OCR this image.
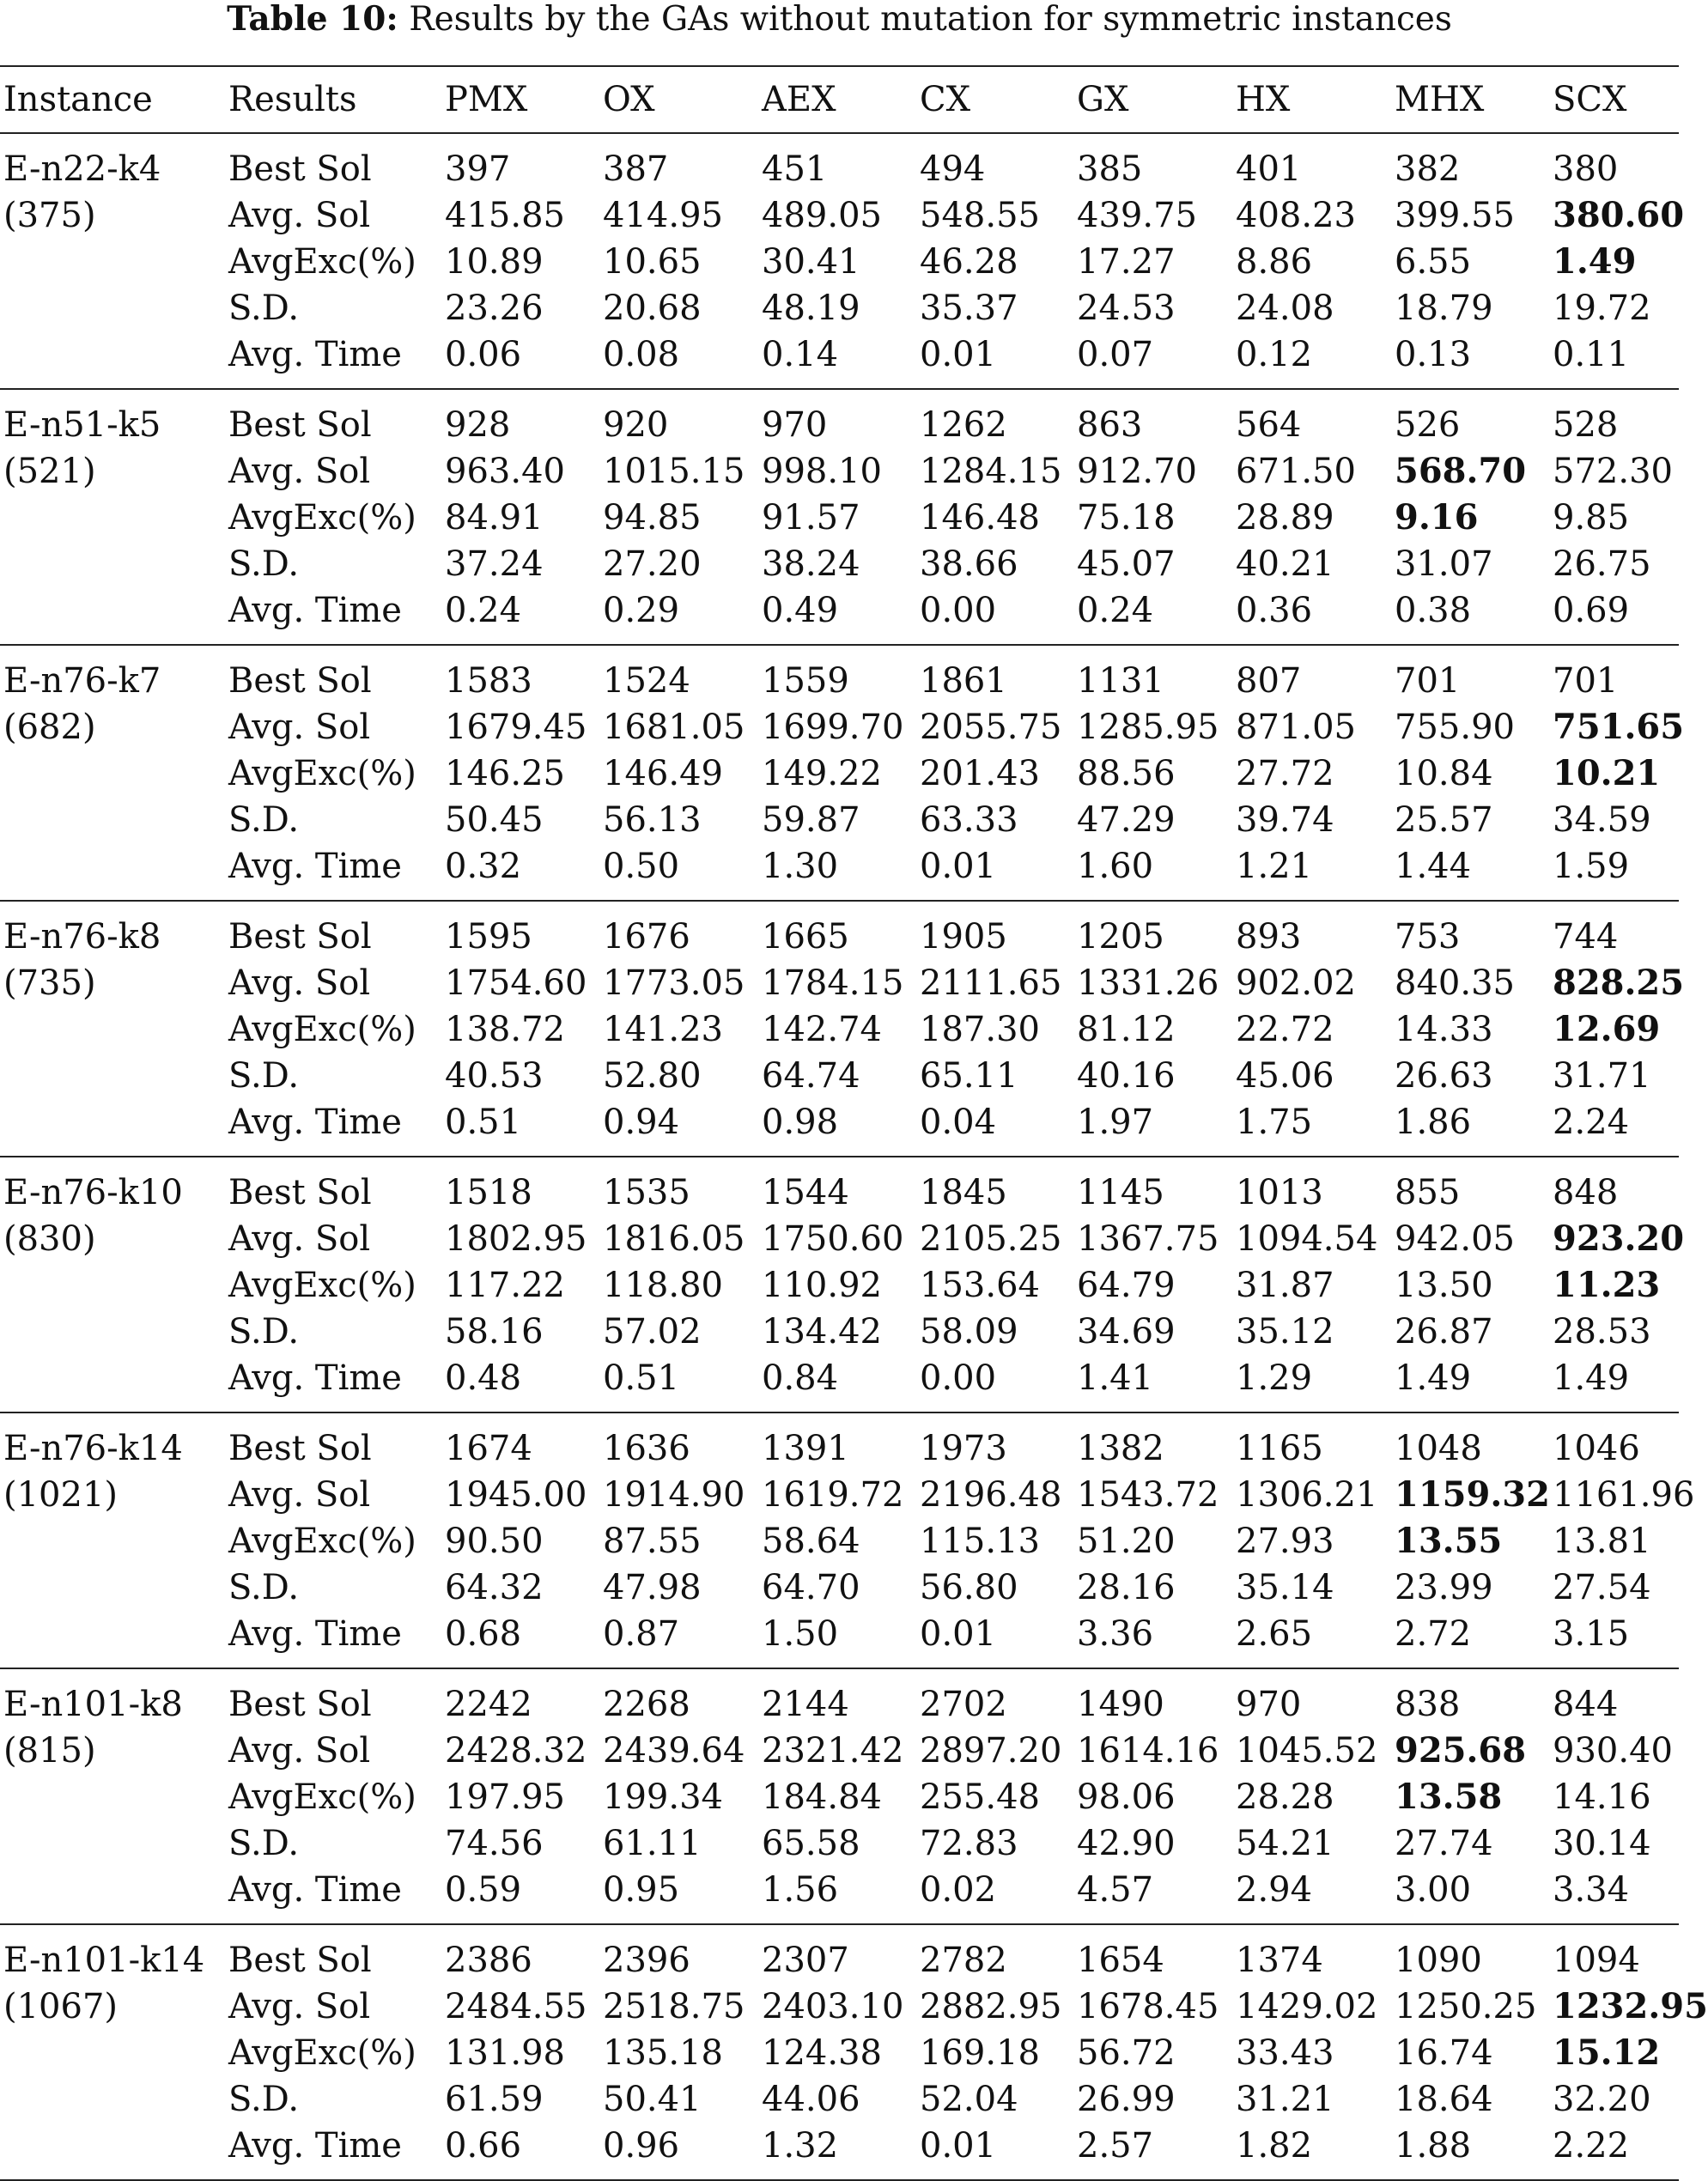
Table 10: Results by the GAs without mutation for symmetric instances
Instance	Results	PMX	OX	AEX	CX	GX	HX	MHX	SCX
E-n22-k4	Best Sol	397	387	451	494	385	401	382	380
(375)	Avg. Sol	415.85	414.95	489.05	548.55	439.75	408.23	399.55	380.60
	AvgExc(%)	10.89	10.65	30.41	46.28	17.27	8.86	6.55	1.49
	S.D.	23.26	20.68	48.19	35.37	24.53	24.08	18.79	19.72
	Avg. Time	0.06	0.08	0.14	0.01	0.07	0.12	0.13	0.11
E-n51-k5	Best Sol	928	920	970	1262	863	564	526	528
(521)	Avg. Sol	963.40	1015.15	998.10	1284.15	912.70	671.50	568.70	572.30
	AvgExc(%)	84.91	94.85	91.57	146.48	75.18	28.89	9.16	9.85
	S.D.	37.24	27.20	38.24	38.66	45.07	40.21	31.07	26.75
	Avg. Time	0.24	0.29	0.49	0.00	0.24	0.36	0.38	0.69
E-n76-k7	Best Sol	1583	1524	1559	1861	1131	807	701	701
(682)	Avg. Sol	1679.45	1681.05	1699.70	2055.75	1285.95	871.05	755.90	751.65
	AvgExc(%)	146.25	146.49	149.22	201.43	88.56	27.72	10.84	10.21
	S.D.	50.45	56.13	59.87	63.33	47.29	39.74	25.57	34.59
	Avg. Time	0.32	0.50	1.30	0.01	1.60	1.21	1.44	1.59
E-n76-k8	Best Sol	1595	1676	1665	1905	1205	893	753	744
(735)	Avg. Sol	1754.60	1773.05	1784.15	2111.65	1331.26	902.02	840.35	828.25
	AvgExc(%)	138.72	141.23	142.74	187.30	81.12	22.72	14.33	12.69
	S.D.	40.53	52.80	64.74	65.11	40.16	45.06	26.63	31.71
	Avg. Time	0.51	0.94	0.98	0.04	1.97	1.75	1.86	2.24
E-n76-k10	Best Sol	1518	1535	1544	1845	1145	1013	855	848
(830)	Avg. Sol	1802.95	1816.05	1750.60	2105.25	1367.75	1094.54	942.05	923.20
	AvgExc(%)	117.22	118.80	110.92	153.64	64.79	31.87	13.50	11.23
	S.D.	58.16	57.02	134.42	58.09	34.69	35.12	26.87	28.53
	Avg. Time	0.48	0.51	0.84	0.00	1.41	1.29	1.49	1.49
E-n76-k14	Best Sol	1674	1636	1391	1973	1382	1165	1048	1046
(1021)	Avg. Sol	1945.00	1914.90	1619.72	2196.48	1543.72	1306.21	1159.32	1161.96
	AvgExc(%)	90.50	87.55	58.64	115.13	51.20	27.93	13.55	13.81
	S.D.	64.32	47.98	64.70	56.80	28.16	35.14	23.99	27.54
	Avg. Time	0.68	0.87	1.50	0.01	3.36	2.65	2.72	3.15
E-n101-k8	Best Sol	2242	2268	2144	2702	1490	970	838	844
(815)	Avg. Sol	2428.32	2439.64	2321.42	2897.20	1614.16	1045.52	925.68	930.40
	AvgExc(%)	197.95	199.34	184.84	255.48	98.06	28.28	13.58	14.16
	S.D.	74.56	61.11	65.58	72.83	42.90	54.21	27.74	30.14
	Avg. Time	0.59	0.95	1.56	0.02	4.57	2.94	3.00	3.34
E-n101-k14	Best Sol	2386	2396	2307	2782	1654	1374	1090	1094
(1067)	Avg. Sol	2484.55	2518.75	2403.10	2882.95	1678.45	1429.02	1250.25	1232.95
	AvgExc(%)	131.98	135.18	124.38	169.18	56.72	33.43	16.74	15.12
	S.D.	61.59	50.41	44.06	52.04	26.99	31.21	18.64	32.20
	Avg. Time	0.66	0.96	1.32	0.01	2.57	1.82	1.88	2.22
